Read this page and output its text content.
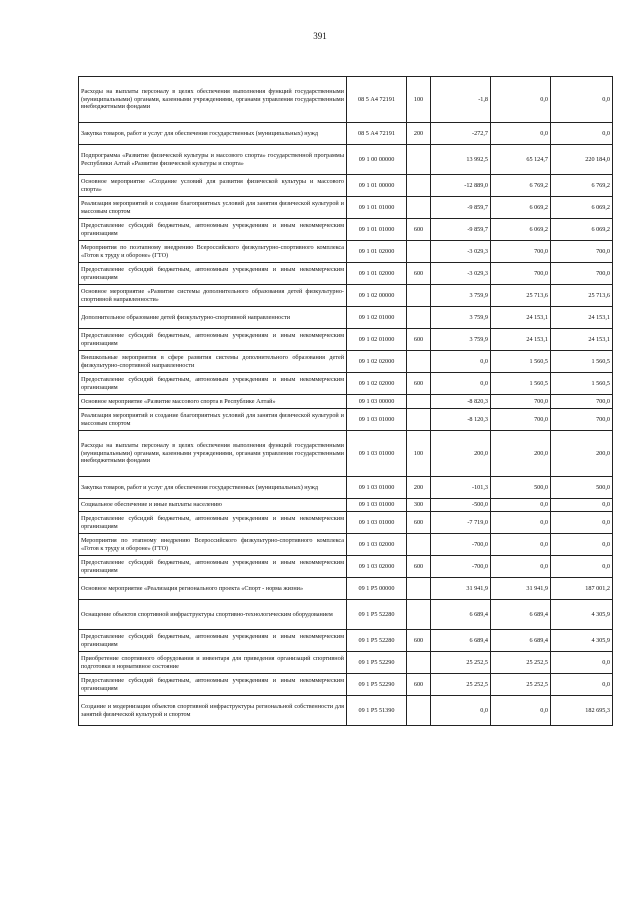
391
Расходы на выплаты персоналу в целях обеспечения выполнения функций государственными (муниципальными) органами, казенными учреждениями, органами управления государственными внебюджетными фондами	08 5 А4 72191	100	-1,8	0,0	0,0
Закупка товаров, работ и услуг для обеспечения государственных (муниципальных) нужд	08 5 А4 72191	200	-272,7	0,0	0,0
Подпрограмма «Развитие физической культуры и массового спорта» государственной программы Республики Алтай «Развитие физической культуры и спорта»	09 1 00 00000		13 992,5	65 124,7	220 184,0
Основное мероприятие «Создание условий для развития физической культуры и массового спорта»	09 1 01 00000		-12 889,0	6 769,2	6 769,2
Реализация мероприятий и создание благоприятных условий для занятия физической культурой и массовым спортом	09 1 01 01000		-9 859,7	6 069,2	6 069,2
Предоставление субсидий бюджетным, автономным учреждениям и иным некоммерческим организациям	09 1 01 01000	600	-9 859,7	6 069,2	6 069,2
Мероприятия по поэтапному внедрению Всероссийского физкультурно-спортивного комплекса «Готов к труду и обороне» (ГТО)	09 1 01 02000		-3 029,3	700,0	700,0
Предоставление субсидий бюджетным, автономным учреждениям и иным некоммерческим организациям	09 1 01 02000	600	-3 029,3	700,0	700,0
Основное мероприятие «Развитие системы дополнительного образования детей физкультурно-спортивной направленности»	09 1 02 00000		3 759,9	25 713,6	25 713,6
Дополнительное образование детей физкультурно-спортивной направленности	09 1 02 01000		3 759,9	24 153,1	24 153,1
Предоставление субсидий бюджетным, автономным учреждениям и иным некоммерческим организациям	09 1 02 01000	600	3 759,9	24 153,1	24 153,1
Внешкольные мероприятия в сфере развития системы дополнительного образования детей физкультурно-спортивной направленности	09 1 02 02000		0,0	1 560,5	1 560,5
Предоставление субсидий бюджетным, автономным учреждениям и иным некоммерческим организациям	09 1 02 02000	600	0,0	1 560,5	1 560,5
Основное мероприятие «Развитие массового спорта в Республике Алтай»	09 1 03 00000		-8 820,3	700,0	700,0
Реализация мероприятий и создание благоприятных условий для занятия физической культурой и массовым спортом	09 1 03 01000		-8 120,3	700,0	700,0
Расходы на выплаты персоналу в целях обеспечения выполнения функций государственными (муниципальными) органами, казенными учреждениями, органами управления государственными внебюджетными фондами	09 1 03 01000	100	200,0	200,0	200,0
Закупка товаров, работ и услуг для обеспечения государственных (муниципальных) нужд	09 1 03 01000	200	-101,3	500,0	500,0
Социальное обеспечение и иные выплаты населению	09 1 03 01000	300	-500,0	0,0	0,0
Предоставление субсидий бюджетным, автономным учреждениям и иным некоммерческим организациям	09 1 03 01000	600	-7 719,0	0,0	0,0
Мероприятия по этапному внедрению Всероссийского физкультурно-спортивного комплекса «Готов к труду и обороне» (ГТО)	09 1 03 02000		-700,0	0,0	0,0
Предоставление субсидий бюджетным, автономным учреждениям и иным некоммерческим организациям	09 1 03 02000	600	-700,0	0,0	0,0
Основное мероприятие «Реализация регионального проекта «Спорт - норма жизни»	09 1 P5 00000		31 941,9	31 941,9	187 001,2
Оснащение объектов спортивной инфраструктуры спортивно-технологическим оборудованием	09 1 P5 52280		6 689,4	6 689,4	4 305,9
Предоставление субсидий бюджетным, автономным учреждениям и иным некоммерческим организациям	09 1 P5 52280	600	6 689,4	6 689,4	4 305,9
Приобретение спортивного оборудования и инвентаря для приведения организаций спортивной подготовки в нормативное состояние	09 1 P5 52290		25 252,5	25 252,5	0,0
Предоставление субсидий бюджетным, автономным учреждениям и иным некоммерческим организациям	09 1 P5 52290	600	25 252,5	25 252,5	0,0
Создание и модернизация объектов спортивной инфраструктуры региональной собственности для занятий физической культурой и спортом	09 1 P5 51390		0,0	0,0	182 695,3
